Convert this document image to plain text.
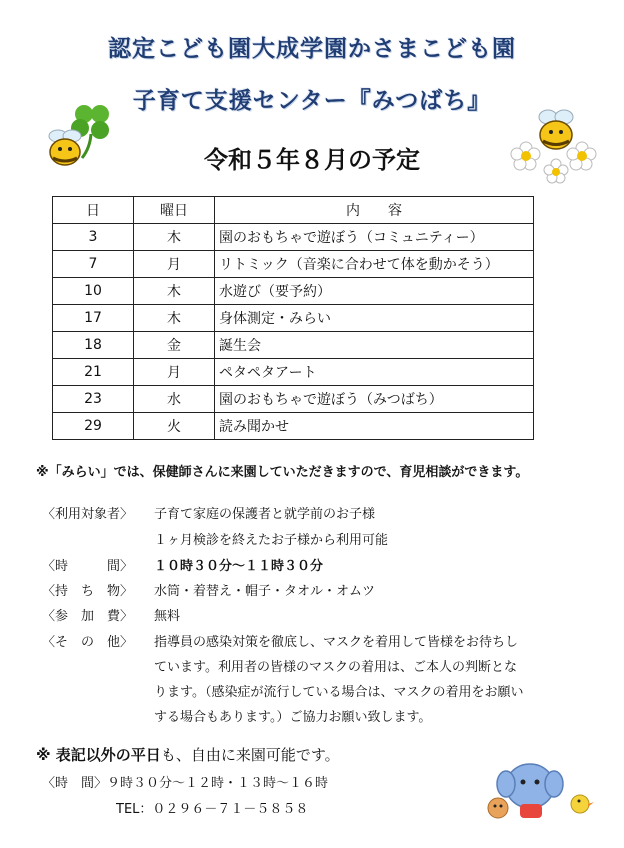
認定こども園大成学園かさまこども園
子育て支援センター『みつばち』
令和５年８月の予定
日	曜日	内　　容
3	木	園のおもちゃで遊ぼう（コミュニティー）
7	月	リトミック（音楽に合わせて体を動かそう）
10	木	水遊び（要予約）
17	木	身体測定・みらい
18	金	誕生会
21	月	ペタペタアート
23	水	園のおもちゃで遊ぼう（みつばち）
29	火	読み聞かせ
※「みらい」では、保健師さんに来園していただきますので、育児相談ができます。
〈利用対象者〉 子育て家庭の保護者と就学前のお子様
１ヶ月検診を終えたお子様から利用可能
〈時　　　間〉 １０時３０分～１１時３０分
〈持　ち　物〉 水筒・着替え・帽子・タオル・オムツ
〈参　加　費〉 無料
〈そ　の　他〉 指導員の感染対策を徹底し、マスクを着用して皆様をお待ちし
ています。利用者の皆様のマスクの着用は、ご本人の判断とな
ります。（感染症が流行している場合は、マスクの着用をお願い
する場合もあります。）ご協力お願い致します。
※ 表記以外の平日も、自由に来園可能です。
〈時　間〉９時３０分～１２時・１３時～１６時
TEL：０２９６－７１－５８５８
